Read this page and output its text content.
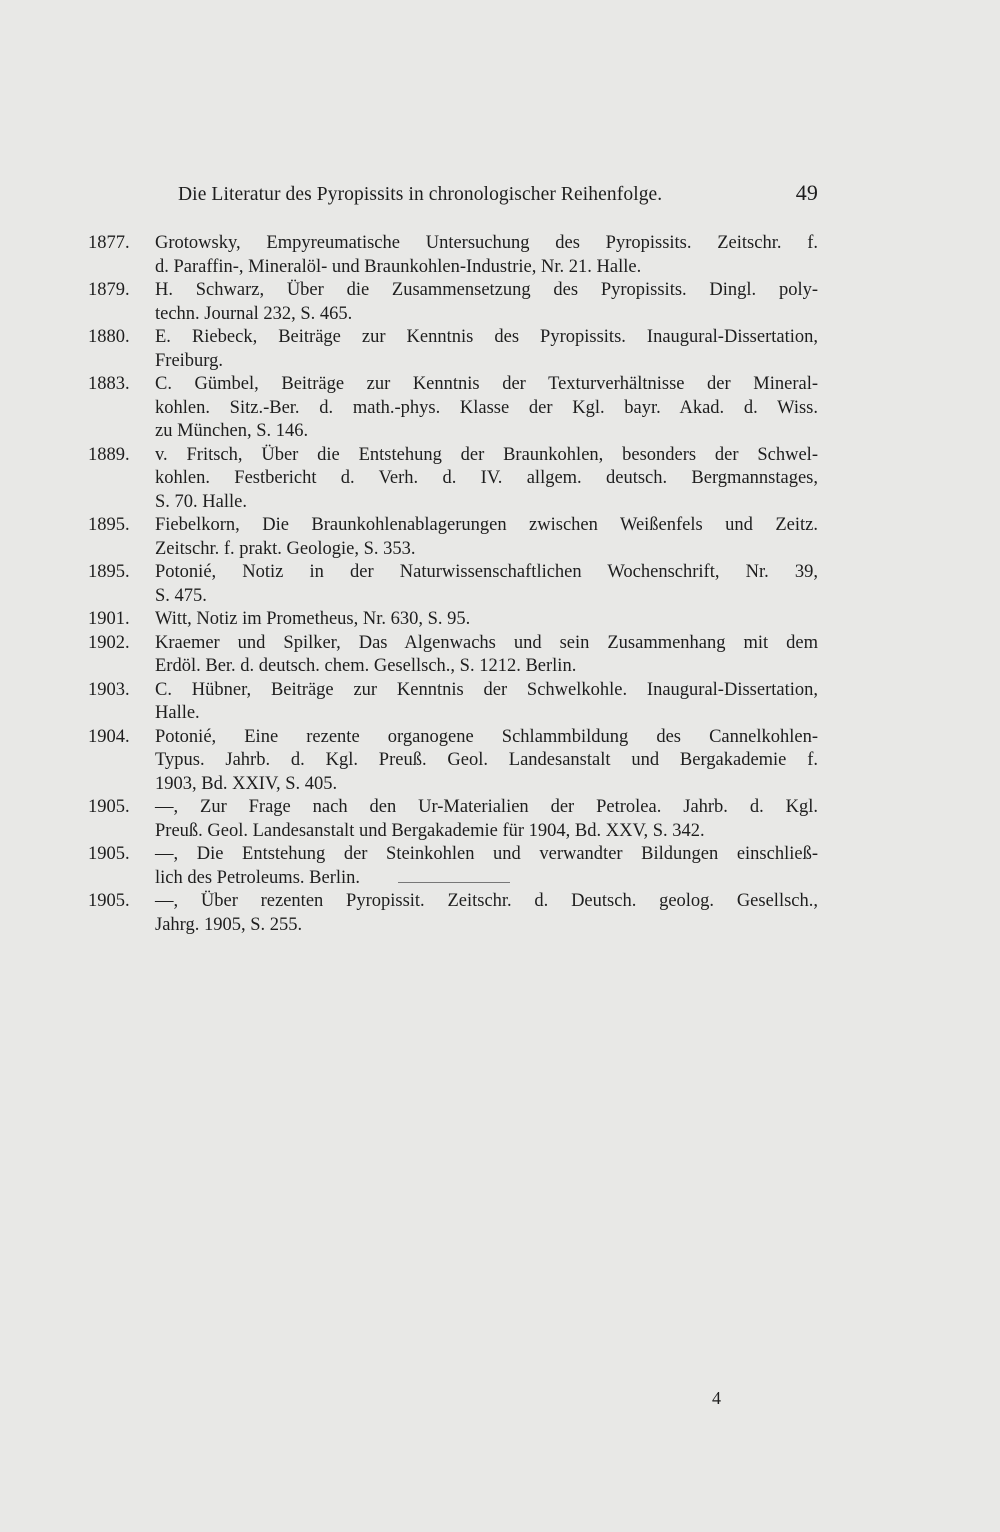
Die Literatur des Pyropissits in chronologischer Reihenfolge.	49
1877.	Grotowsky, Empyreumatische Untersuchung des Pyropissits. Zeitschr. f.
d. Paraffin-, Mineralöl- und Braunkohlen-Industrie, Nr. 21. Halle.
1879.	H. Schwarz, Über die Zusammensetzung des Pyropissits. Dingl. poly-
techn. Journal 232, S. 465.
1880.	E. Riebeck, Beiträge zur Kenntnis des Pyropissits. Inaugural-Dissertation,
Freiburg.
1883.	C. Gümbel, Beiträge zur Kenntnis der Texturverhältnisse der Mineral-
kohlen. Sitz.-Ber. d. math.-phys. Klasse der Kgl. bayr. Akad. d. Wiss.
zu München, S. 146.
1889.	v. Fritsch, Über die Entstehung der Braunkohlen, besonders der Schwel-
kohlen. Festbericht d. Verh. d. IV. allgem. deutsch. Bergmannstages,
S. 70. Halle.
1895.	Fiebelkorn, Die Braunkohlenablagerungen zwischen Weißenfels und Zeitz.
Zeitschr. f. prakt. Geologie, S. 353.
1895.	Potonié, Notiz in der Naturwissenschaftlichen Wochenschrift, Nr. 39,
S. 475.
1901.	Witt, Notiz im Prometheus, Nr. 630, S. 95.
1902.	Kraemer und Spilker, Das Algenwachs und sein Zusammenhang mit dem
Erdöl. Ber. d. deutsch. chem. Gesellsch., S. 1212. Berlin.
1903.	C. Hübner, Beiträge zur Kenntnis der Schwelkohle. Inaugural-Dissertation,
Halle.
1904.	Potonié, Eine rezente organogene Schlammbildung des Cannelkohlen-
Typus. Jahrb. d. Kgl. Preuß. Geol. Landesanstalt und Bergakademie f.
1903, Bd. XXIV, S. 405.
1905.	—, Zur Frage nach den Ur-Materialien der Petrolea. Jahrb. d. Kgl.
Preuß. Geol. Landesanstalt und Bergakademie für 1904, Bd. XXV, S. 342.
1905.	—, Die Entstehung der Steinkohlen und verwandter Bildungen einschließ-
lich des Petroleums. Berlin.
1905.	—, Über rezenten Pyropissit. Zeitschr. d. Deutsch. geolog. Gesellsch.,
Jahrg. 1905, S. 255.
4
